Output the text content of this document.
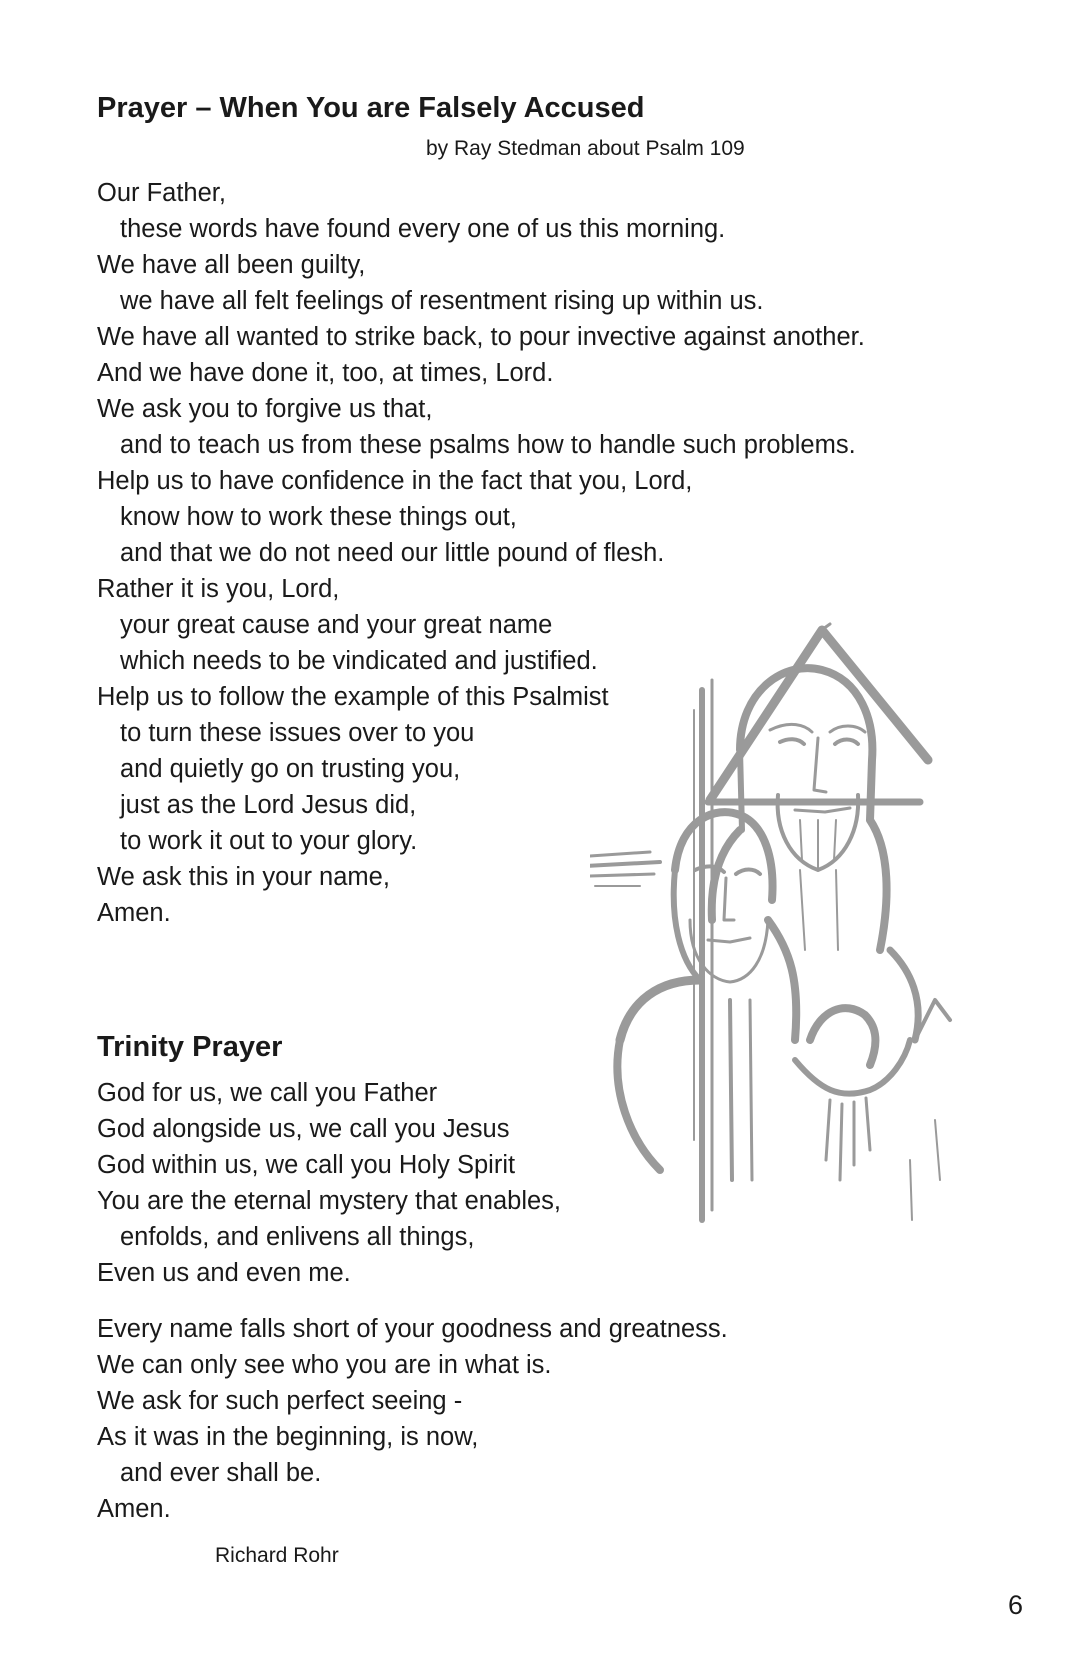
Prayer – When You are Falsely Accused
by Ray Stedman about Psalm 109
Our Father,
these words have found every one of us this morning.
We have all been guilty,
we have all felt feelings of resentment rising up within us.
We have all wanted to strike back, to pour invective against another.
And we have done it, too, at times, Lord.
We ask you to forgive us that,
and to teach us from these psalms how to handle such problems.
Help us to have confidence in the fact that you, Lord,
know how to work these things out,
and that we do not need our little pound of flesh.
Rather it is you, Lord,
your great cause and your great name
which needs to be vindicated and justified.
Help us to follow the example of this Psalmist
to turn these issues over to you
and quietly go on trusting you,
just as the Lord Jesus did,
to work it out to your glory.
We ask this in your name,
Amen.
Trinity Prayer
God for us, we call you Father
God alongside us, we call you Jesus
God within us, we call you Holy Spirit
You are the eternal mystery that enables,
enfolds, and enlivens all things,
Even us and even me.
Every name falls short of your goodness and greatness.
We can only see who you are in what is.
We ask for such perfect seeing -
As it was in the beginning, is now,
and ever shall be.
Amen.
Richard Rohr
6
